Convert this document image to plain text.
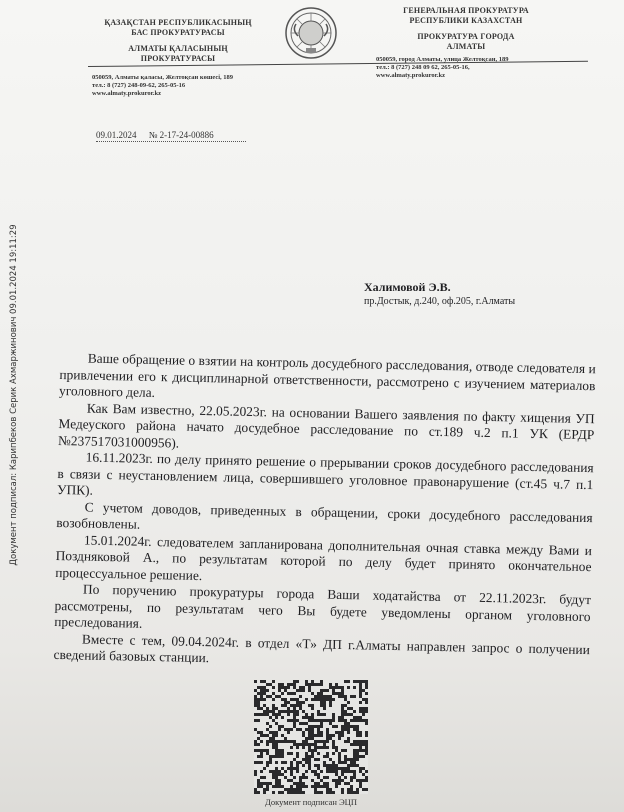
ҚАЗАҚСТАН РЕСПУБЛИКАСЫНЫҢ
БАС ПРОКУРАТУРАСЫ
АЛМАТЫ ҚАЛАСЫНЫҢ
ПРОКУРАТУРАСЫ
ГЕНЕРАЛЬНАЯ ПРОКУРАТУРА
РЕСПУБЛИКИ КАЗАХСТАН
ПРОКУРАТУРА ГОРОДА
АЛМАТЫ
050059, Алматы қаласы, Желтоқсан көшесі, 189
тел.: 8 (727) 248-09-62, 265-05-16
www.almaty.prokuror.kz
050059, город Алматы, улица Желтоқсан, 189
тел.: 8 (727) 248 09 62, 265-05-16,
www.almaty.prokuror.kz
09.01.2024 № 2-17-24-00886
Документ подписал: Карипбеков Серик Ахмаржинович 09.01.2024 19:11:29	Халимовой Э.В.
пр.Достык, д.240, оф.205, г.Алматы

Ваше обращение о взятии на контроль досудебного расследования, отводе следователя и привлечении его к дисциплинарной ответственности, рассмотрено с изучением материалов уголовного дела.

Как Вам известно, 22.05.2023г. на основании Вашего заявления по факту хищения УП Медеуского района начато досудебное расследование по ст.189 ч.2 п.1 УК (ЕРДР №237517031000956).

16.11.2023г. по делу принято решение о прерывании сроков досудебного расследования в связи с неустановлением лица, совершившего уголовное правонарушение (ст.45 ч.7 п.1 УПК).

С учетом доводов, приведенных в обращении, сроки досудебного расследования возобновлены.

15.01.2024г. следователем запланирована дополнительная очная ставка между Вами и Поздняковой А., по результатам которой по делу будет принято окончательное процессуальное решение.

По поручению прокуратуры города Ваши ходатайства от 22.11.2023г. будут рассмотрены, по результатам чего Вы будете уведомлены органом уголовного преследования.

Вместе с тем, 09.04.2024г. в отдел «Т» ДП г.Алматы направлен запрос о получении сведений базовых станции.

Документ подписан ЭЦП
